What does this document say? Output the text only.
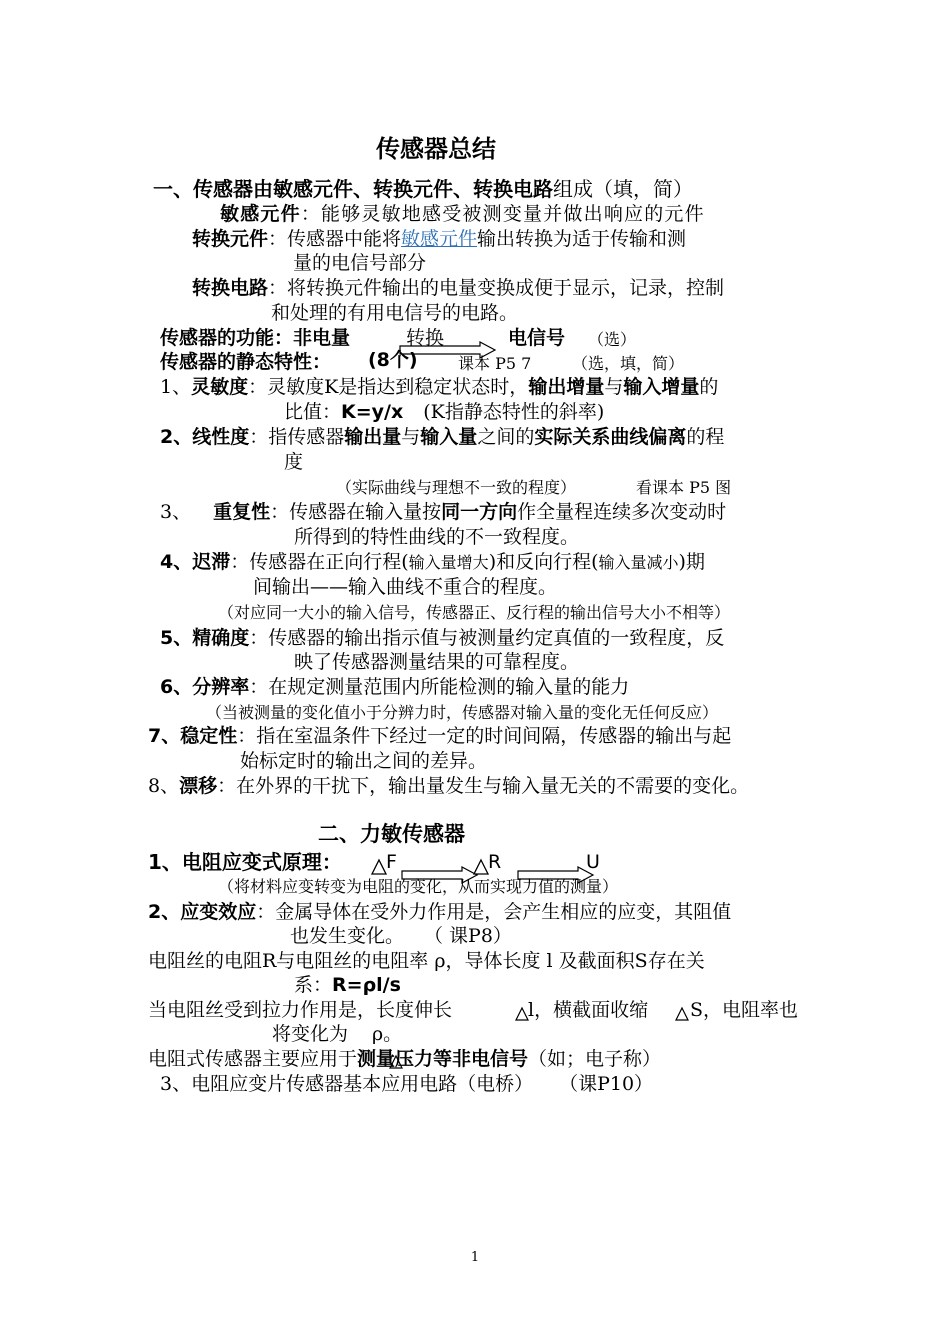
传感器总结
一、传感器由敏感元件、转换元件、转换电路组成（填，简）
敏感元件：能够灵敏地感受被测变量并做出响应的元件
转换元件：传感器中能将敏感元件输出转换为适于传输和测
量的电信号部分
转换电路：将转换元件输出的电量变换成便于显示，记录，控制
和处理的有用电信号的电路。
传感器的功能：非电量	转换	电信号 （选）
传感器的静态特性： (8个)	课本 P5 7	（选，填，简）
1、灵敏度：灵敏度K是指达到稳定状态时，输出增量与输入增量的
比值：K=y/x (K指静态特性的斜率)
2、线性度：指传感器输出量与输入量之间的实际关系曲线偏离的程
度
（实际曲线与理想不一致的程度）	看课本 P5 图
3、 重复性：传感器在输入量按同一方向作全量程连续多次变动时
所得到的特性曲线的不一致程度。
4、迟滞：传感器在正向行程(输入量增大)和反向行程(输入量减小)期
间输出——输入曲线不重合的程度。
（对应同一大小的输入信号，传感器正、反行程的输出信号大小不相等）
5、精确度：传感器的输出指示值与被测量约定真值的一致程度，反
映了传感器测量结果的可靠程度。
6、分辨率：在规定测量范围内所能检测的输入量的能力
（当被测量的变化值小于分辨力时，传感器对输入量的变化无任何反应）
7、稳定性：指在室温条件下经过一定的时间间隔，传感器的输出与起
始标定时的输出之间的差异。
8、漂移：在外界的干扰下，输出量发生与输入量无关的不需要的变化。
二、力敏传感器
1、电阻应变式原理： F	R	U
（将材料应变转变为电阻的变化，从而实现力值的测量）
2、应变效应：金属导体在受外力作用是，会产生相应的应变，其阻值
也发生变化。 （ 课P8）
电阻丝的电阻R与电阻丝的电阻率 ρ，导体长度 l 及截面积S存在关
系：R=ρl/s
当电阻丝受到拉力作用是，长度伸长	l，横截面收缩 S，电阻率也
将变化为 ρ。
电阻式传感器主要应用于测量压力等非电信号（如；电子称）
3、电阻应变片传感器基本应用电路（电桥） （课P10）
1
